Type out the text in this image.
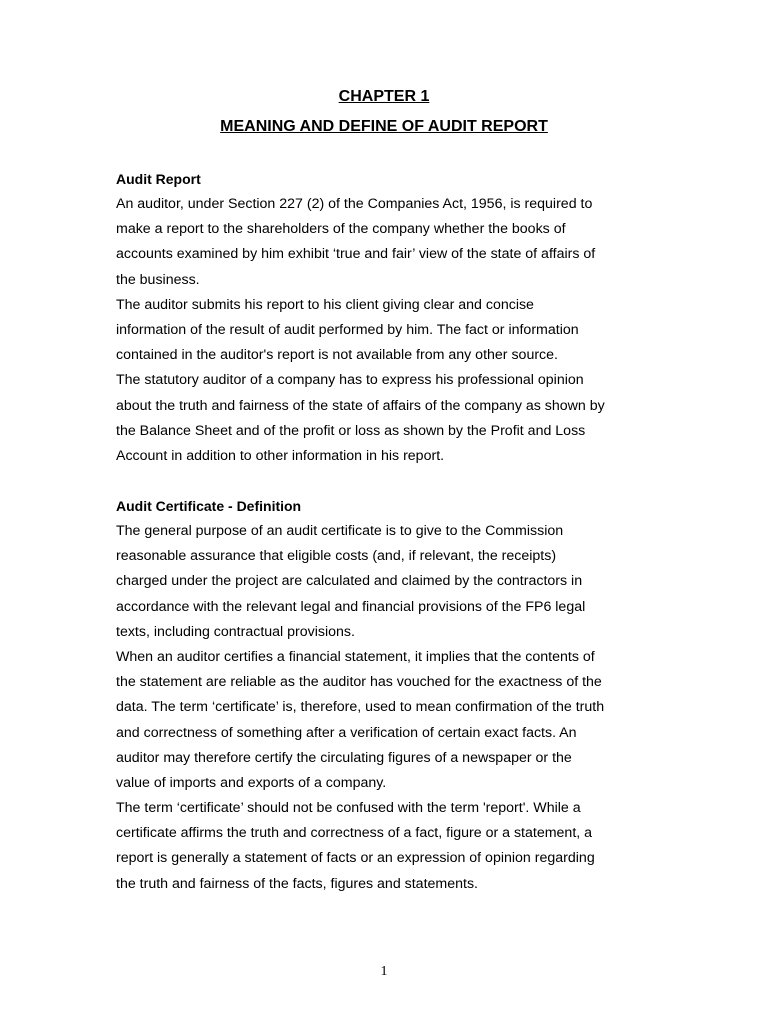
CHAPTER 1
MEANING AND DEFINE OF AUDIT REPORT
Audit Report
An auditor, under Section 227 (2) of the Companies Act, 1956, is required to
make a report to the shareholders of the company whether the books of
accounts examined by him exhibit ‘true and fair’ view of the state of affairs of
the business.
The auditor submits his report to his client giving clear and concise
information of the result of audit performed by him. The fact or information
contained in the auditor's report is not available from any other source.
The statutory auditor of a company has to express his professional opinion
about the truth and fairness of the state of affairs of the company as shown by
the Balance Sheet and of the profit or loss as shown by the Profit and Loss
Account in addition to other information in his report.
Audit Certificate - Definition
The general purpose of an audit certificate is to give to the Commission
reasonable assurance that eligible costs (and, if relevant, the receipts)
charged under the project are calculated and claimed by the contractors in
accordance with the relevant legal and financial provisions of the FP6 legal
texts, including contractual provisions.
When an auditor certifies a financial statement, it implies that the contents of
the statement are reliable as the auditor has vouched for the exactness of the
data. The term ‘certificate’ is, therefore, used to mean confirmation of the truth
and correctness of something after a verification of certain exact facts. An
auditor may therefore certify the circulating figures of a newspaper or the
value of imports and exports of a company.
The term ‘certificate’ should not be confused with the term 'report'. While a
certificate affirms the truth and correctness of a fact, figure or a statement, a
report is generally a statement of facts or an expression of opinion regarding
the truth and fairness of the facts, figures and statements.
1
